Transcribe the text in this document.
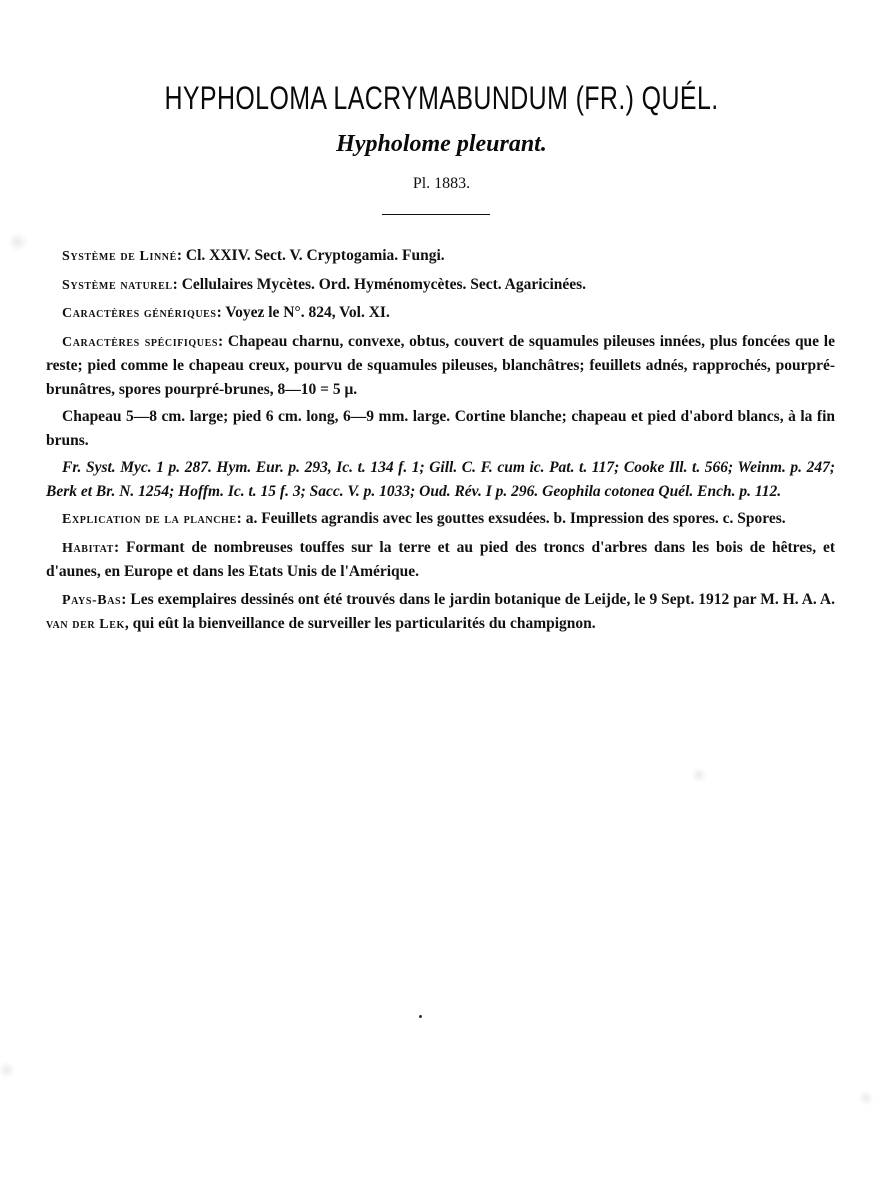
HYPHOLOMA LACRYMABUNDUM (FR.) QUÉL.
Hypholome pleurant.
Pl. 1883.

Système de Linné: Cl. XXIV. Sect. V. Cryptogamia. Fungi.

Système naturel: Cellulaires Mycètes. Ord. Hyménomycètes. Sect. Agaricinées.

Caractères génériques: Voyez le N°. 824, Vol. XI.

Caractères spécifiques: Chapeau charnu, convexe, obtus, couvert de squamules pileuses innées, plus foncées que le reste; pied comme le chapeau creux, pourvu de squamules pileuses, blanchâtres; feuillets adnés, rapprochés, pourpré-brunâtres, spores pourpré-brunes, 8—10 = 5 μ.

Chapeau 5—8 cm. large; pied 6 cm. long, 6—9 mm. large. Cortine blanche; chapeau et pied d'abord blancs, à la fin bruns.

Fr. Syst. Myc. 1 p. 287. Hym. Eur. p. 293, Ic. t. 134 f. 1; Gill. C. F. cum ic. Pat. t. 117; Cooke Ill. t. 566; Weinm. p. 247; Berk et Br. N. 1254; Hoffm. Ic. t. 15 f. 3; Sacc. V. p. 1033; Oud. Rév. I p. 296. Geophila cotonea Quél. Ench. p. 112.

Explication de la planche: a. Feuillets agrandis avec les gouttes exsudées. b. Impression des spores. c. Spores.

Habitat: Formant de nombreuses touffes sur la terre et au pied des troncs d'arbres dans les bois de hêtres, et d'aunes, en Europe et dans les Etats Unis de l'Amérique.

Pays-Bas: Les exemplaires dessinés ont été trouvés dans le jardin botanique de Leijde, le 9 Sept. 1912 par M. H. A. A. van der Lek, qui eût la bienveillance de surveiller les particularités du champignon.
